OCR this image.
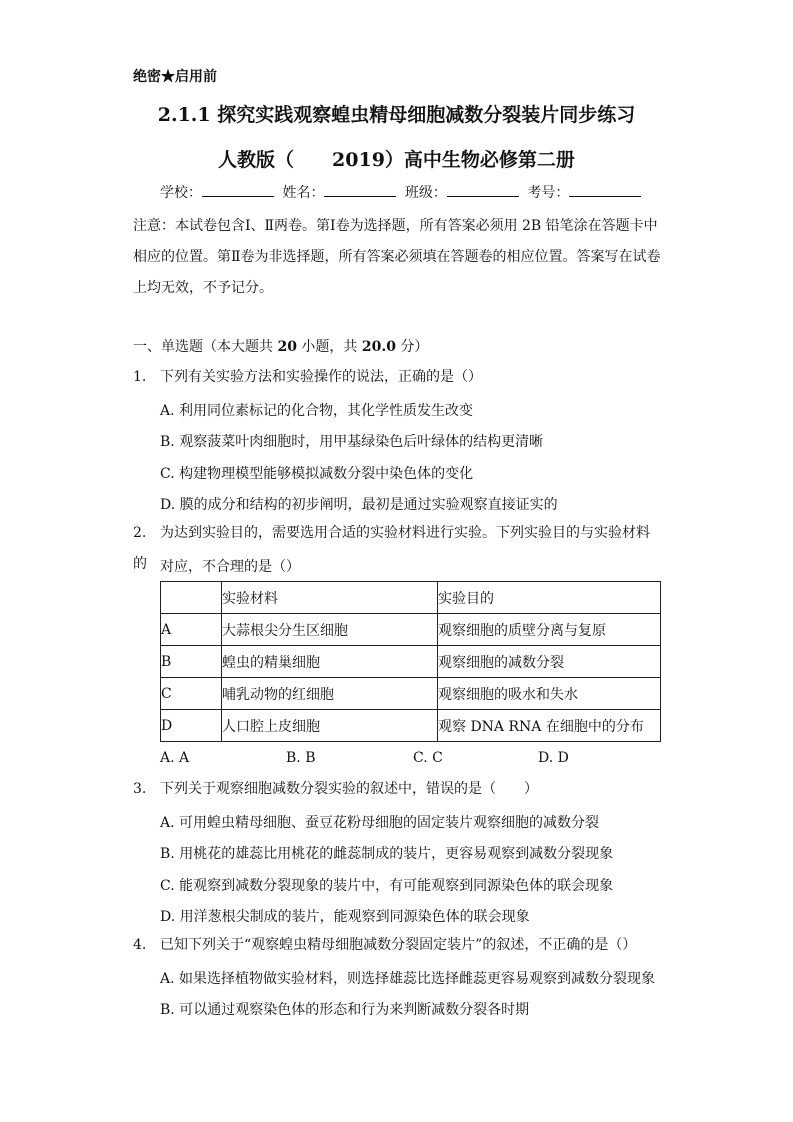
绝密★启用前
2.1.1 探究实践观察蝗虫精母细胞减数分裂装片同步练习
人教版（　　2019）高中生物必修第二册
学校：	姓名：	班级：	考号：
注意：本试卷包含Ⅰ、Ⅱ两卷。第Ⅰ卷为选择题，所有答案必须用 2B 铅笔涂在答题卡中相应的位置。第Ⅱ卷为非选择题，所有答案必须填在答题卷的相应位置。答案写在试卷上均无效，不予记分。
一、单选题（本大题共 20 小题，共 20.0 分）
1. 下列有关实验方法和实验操作的说法，正确的是（）
A. 利用同位素标记的化合物，其化学性质发生改变
B. 观察菠菜叶肉细胞时，用甲基绿染色后叶绿体的结构更清晰
C. 构建物理模型能够模拟减数分裂中染色体的变化
D. 膜的成分和结构的初步阐明，最初是通过实验观察直接证实的
2. 为达到实验目的，需要选用合适的实验材料进行实验。下列实验目的与实验材料的 对应，不合理的是（）
	实验材料	实验目的
A	大蒜根尖分生区细胞	观察细胞的质壁分离与复原
B	蝗虫的精巢细胞	观察细胞的减数分裂
C	哺乳动物的红细胞	观察细胞的吸水和失水
D	人口腔上皮细胞	观察 DNA RNA 在细胞中的分布
A. A	B. B	C. C	D. D
3. 下列关于观察细胞减数分裂实验的叙述中，错误的是（　　）
A. 可用蝗虫精母细胞、蚕豆花粉母细胞的固定装片观察细胞的减数分裂
B. 用桃花的雄蕊比用桃花的雌蕊制成的装片，更容易观察到减数分裂现象
C. 能观察到减数分裂现象的装片中，有可能观察到同源染色体的联会现象
D. 用洋葱根尖制成的装片，能观察到同源染色体的联会现象
4. 已知下列关于“观察蝗虫精母细胞减数分裂固定装片”的叙述，不正确的是（）
A. 如果选择植物做实验材料，则选择雄蕊比选择雌蕊更容易观察到减数分裂现象
B. 可以通过观察染色体的形态和行为来判断减数分裂各时期
